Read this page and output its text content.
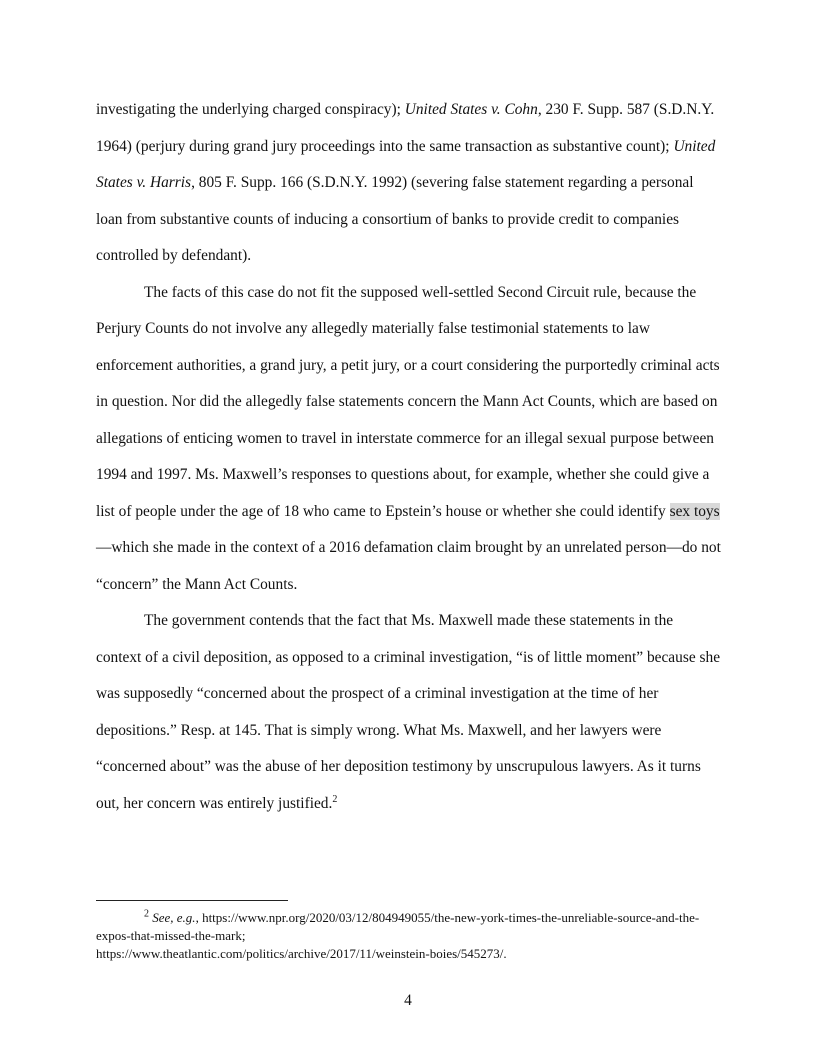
investigating the underlying charged conspiracy); United States v. Cohn, 230 F. Supp. 587 (S.D.N.Y. 1964) (perjury during grand jury proceedings into the same transaction as substantive count); United States v. Harris, 805 F. Supp. 166 (S.D.N.Y. 1992) (severing false statement regarding a personal loan from substantive counts of inducing a consortium of banks to provide credit to companies controlled by defendant).

The facts of this case do not fit the supposed well-settled Second Circuit rule, because the Perjury Counts do not involve any allegedly materially false testimonial statements to law enforcement authorities, a grand jury, a petit jury, or a court considering the purportedly criminal acts in question. Nor did the allegedly false statements concern the Mann Act Counts, which are based on allegations of enticing women to travel in interstate commerce for an illegal sexual purpose between 1994 and 1997. Ms. Maxwell’s responses to questions about, for example, whether she could give a list of people under the age of 18 who came to Epstein’s house or whether she could identify sex toys—which she made in the context of a 2016 defamation claim brought by an unrelated person—do not “concern” the Mann Act Counts.

The government contends that the fact that Ms. Maxwell made these statements in the context of a civil deposition, as opposed to a criminal investigation, “is of little moment” because she was supposedly “concerned about the prospect of a criminal investigation at the time of her depositions.” Resp. at 145. That is simply wrong. What Ms. Maxwell, and her lawyers were “concerned about” was the abuse of her deposition testimony by unscrupulous lawyers. As it turns out, her concern was entirely justified.$^2$

$^2$ See, e.g., https://www.npr.org/2020/03/12/804949055/the-new-york-times-the-unreliable-source-and-the-expos-that-missed-the-mark;
https://www.theatlantic.com/politics/archive/2017/11/weinstein-boies/545273/.
4
